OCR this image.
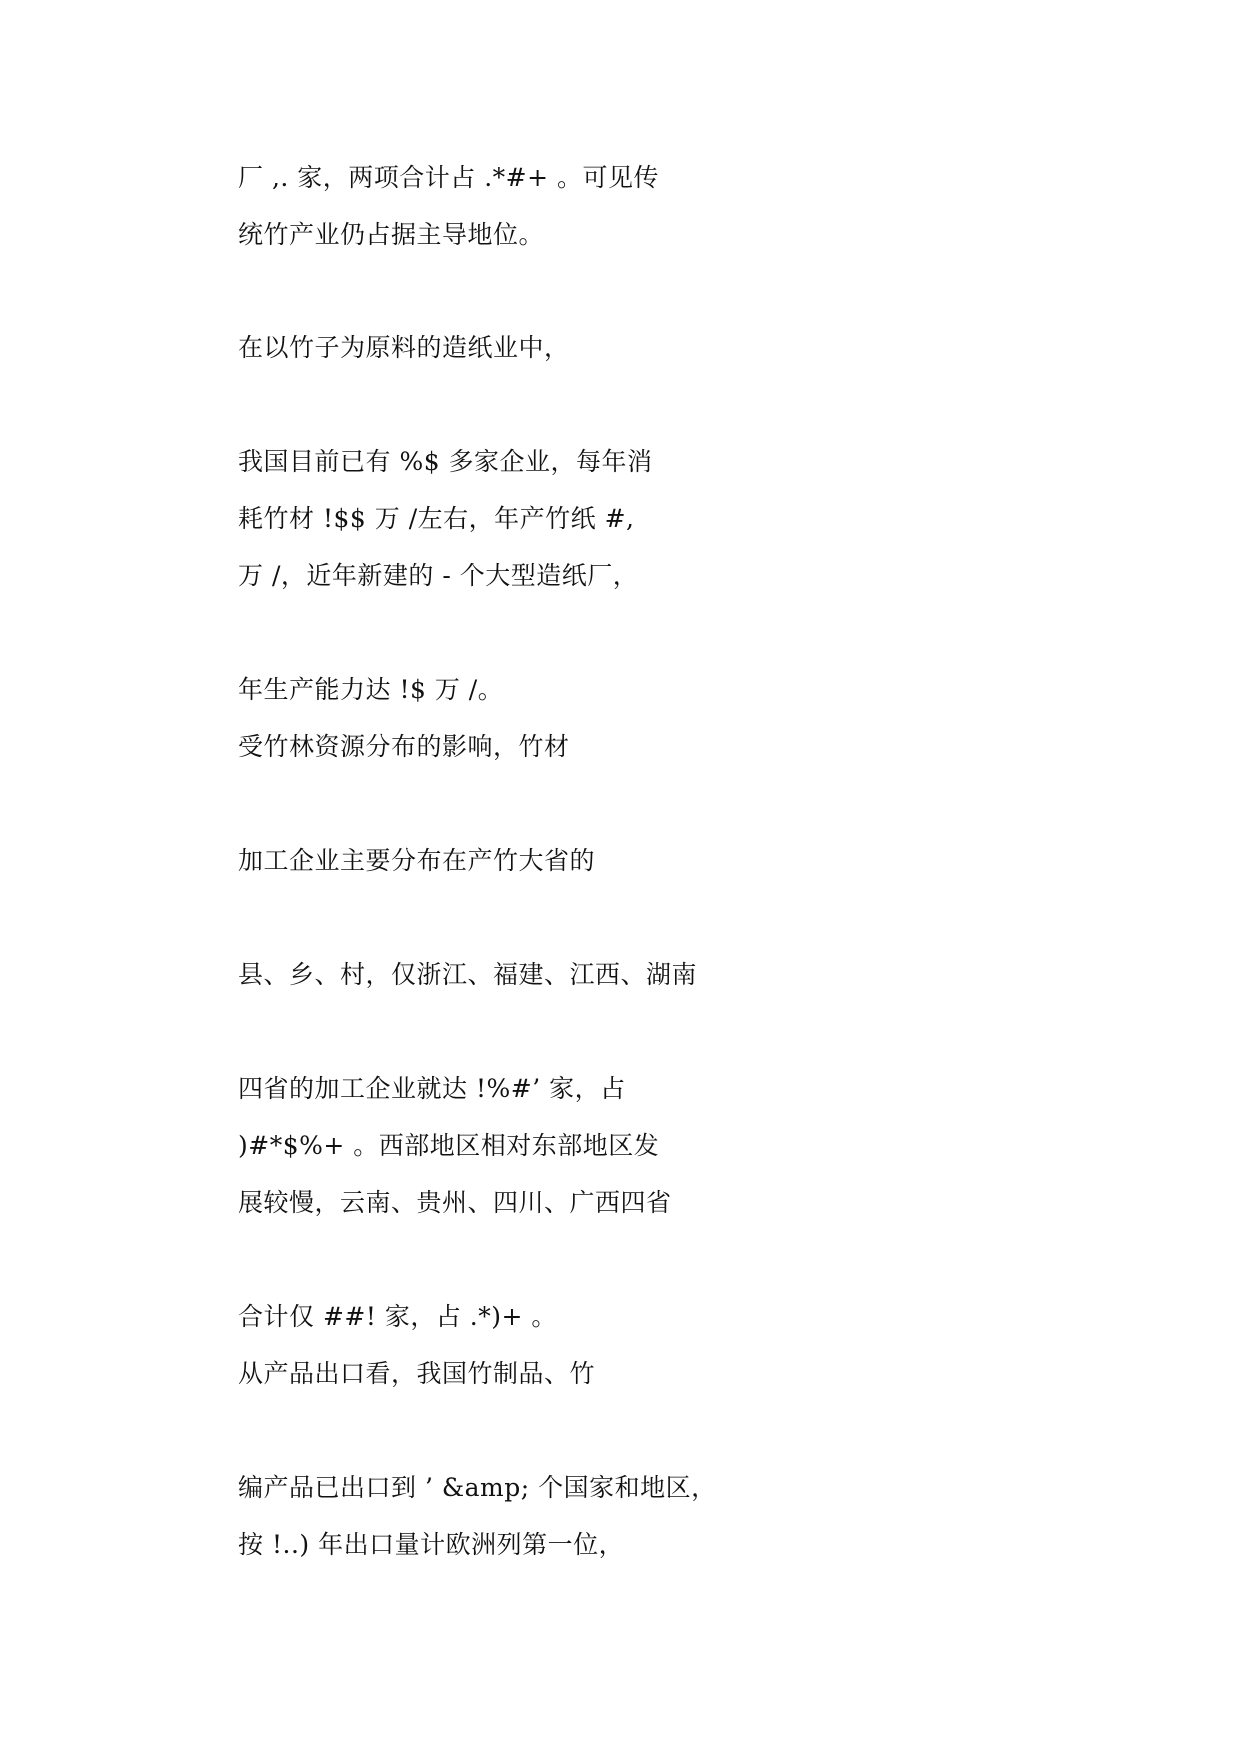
厂 ,. 家，两项合计占 .*#+ 。可见传
统竹产业仍占据主导地位。
在以竹子为原料的造纸业中，
我国目前已有 %$ 多家企业，每年消
耗竹材 !$$ 万 /左右，年产竹纸 #,
万 /，近年新建的 - 个大型造纸厂，
年生产能力达 !$ 万 /。
受竹林资源分布的影响，竹材
加工企业主要分布在产竹大省的
县、乡、村，仅浙江、福建、江西、湖南
四省的加工企业就达 !%#’ 家，占
)#*$%+ 。西部地区相对东部地区发
展较慢，云南、贵州、四川、广西四省
合计仅 ##! 家，占 .*)+ 。
从产品出口看，我国竹制品、竹
编产品已出口到 ’ &amp; 个国家和地区，
按 !..) 年出口量计欧洲列第一位，
